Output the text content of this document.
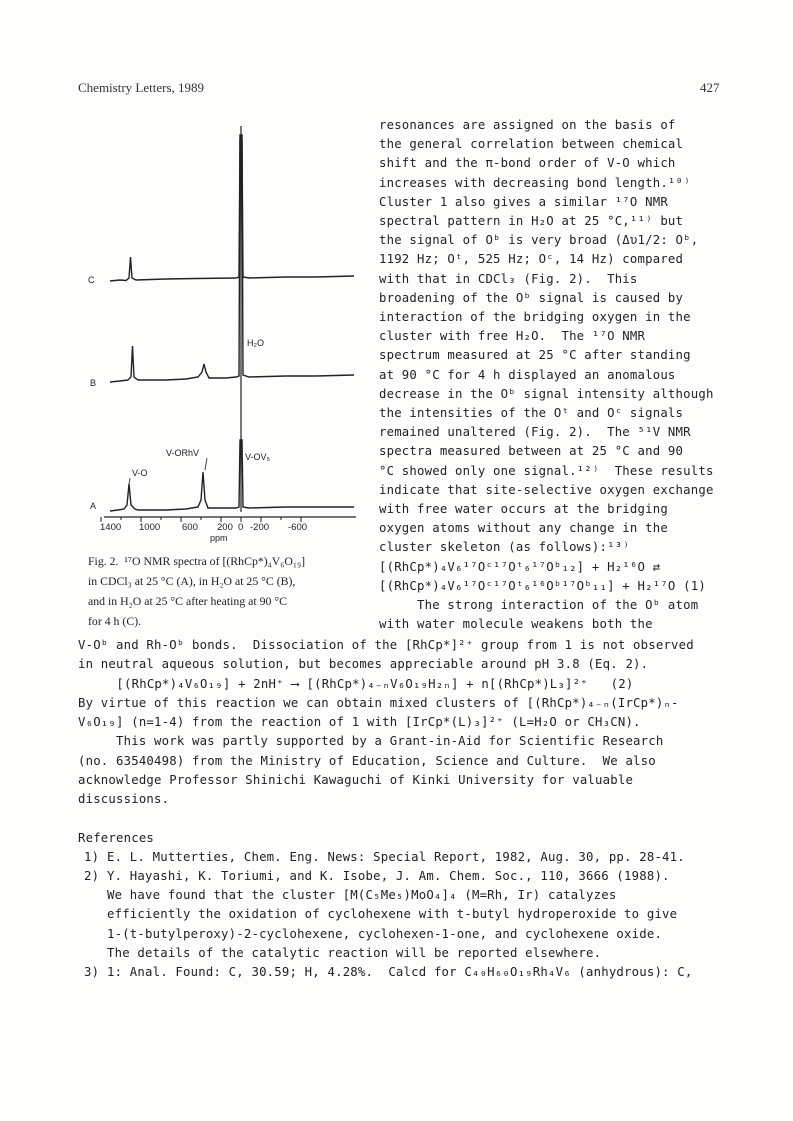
Chemistry Letters, 1989	427
C
B
H₂O
A
V-O
V-ORhV	V-OV₅
1400 1000 600 200 0 -200 -600
ppm
Fig. 2.  ¹⁷O NMR spectra of [(RhCp*)₄V₆O₁₉]
in CDCl₃ at 25 °C (A), in H₂O at 25 °C (B),
and in H₂O at 25 °C after heating at 90 °C
for 4 h (C).
resonances are assigned on the basis of
the general correlation between chemical
shift and the π-bond order of V-O which
increases with decreasing bond length.¹⁰⁾
Cluster 1 also gives a similar ¹⁷O NMR
spectral pattern in H₂O at 25 °C,¹¹⁾ but
the signal of Oᵇ is very broad (Δυ1/2: Oᵇ,
1192 Hz; Oᵗ, 525 Hz; Oᶜ, 14 Hz) compared
with that in CDCl₃ (Fig. 2).  This
broadening of the Oᵇ signal is caused by
interaction of the bridging oxygen in the
cluster with free H₂O.  The ¹⁷O NMR
spectrum measured at 25 °C after standing
at 90 °C for 4 h displayed an anomalous
decrease in the Oᵇ signal intensity although
the intensities of the Oᵗ and Oᶜ signals
remained unaltered (Fig. 2).  The ⁵¹V NMR
spectra measured between at 25 °C and 90
°C showed only one signal.¹²⁾  These results
indicate that site-selective oxygen exchange
with free water occurs at the bridging
oxygen atoms without any change in the
cluster skeleton (as follows):¹³⁾
[(RhCp*)₄V₆¹⁷Oᶜ¹⁷Oᵗ₆¹⁷Oᵇ₁₂] + H₂¹⁶O ⇄
[(RhCp*)₄V₆¹⁷Oᶜ¹⁷Oᵗ₆¹⁶Oᵇ¹⁷Oᵇ₁₁] + H₂¹⁷O (1)
The strong interaction of the Oᵇ atom
with water molecule weakens both the
V-Oᵇ and Rh-Oᵇ bonds.  Dissociation of the [RhCp*]²⁺ group from 1 is not observed
in neutral aqueous solution, but becomes appreciable around pH 3.8 (Eq. 2).
[(RhCp*)₄V₆O₁₉] + 2nH⁺ ⟶ [(RhCp*)₄₋ₙV₆O₁₉H₂ₙ] + n[(RhCp*)L₃]²⁺   (2)
By virtue of this reaction we can obtain mixed clusters of [(RhCp*)₄₋ₙ(IrCp*)ₙ-
V₆O₁₉] (n=1-4) from the reaction of 1 with [IrCp*(L)₃]²⁺ (L=H₂O or CH₃CN).
This work was partly supported by a Grant-in-Aid for Scientific Research
(no. 63540498) from the Ministry of Education, Science and Culture.  We also
acknowledge Professor Shinichi Kawaguchi of Kinki University for valuable
discussions.
References
1) E. L. Mutterties, Chem. Eng. News: Special Report, 1982, Aug. 30, pp. 28-41.
2) Y. Hayashi, K. Toriumi, and K. Isobe, J. Am. Chem. Soc., 110, 3666 (1988).
We have found that the cluster [M(C₅Me₅)MoO₄]₄ (M=Rh, Ir) catalyzes
efficiently the oxidation of cyclohexene with t-butyl hydroperoxide to give
1-(t-butylperoxy)-2-cyclohexene, cyclohexen-1-one, and cyclohexene oxide.
The details of the catalytic reaction will be reported elsewhere.
3) 1: Anal. Found: C, 30.59; H, 4.28%.  Calcd for C₄₀H₆₀O₁₉Rh₄V₆ (anhydrous): C,
